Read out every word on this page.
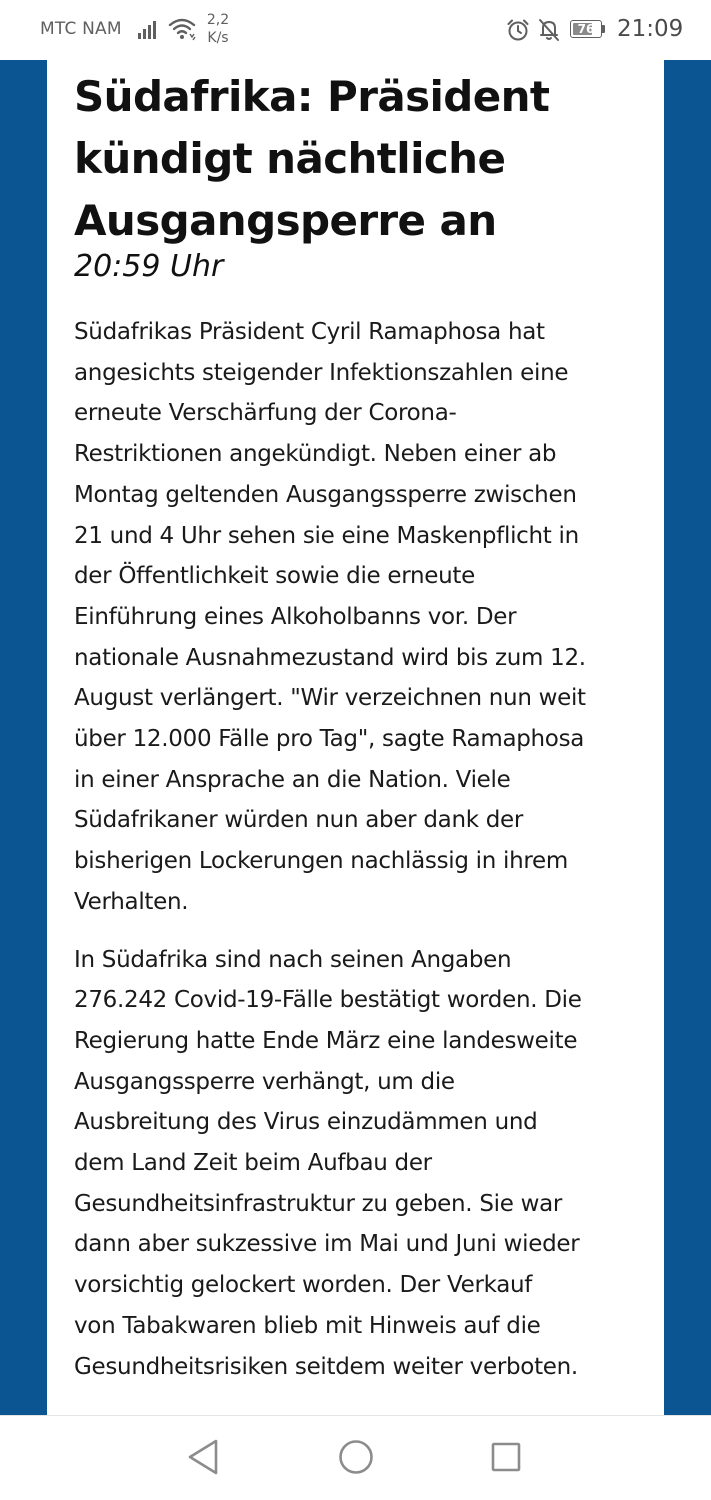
MTC NAM	2,2
K/s
76 21:09
Südafrika: Präsident
kündigt nächtliche
Ausgangsperre an
20:59 Uhr
Südafrikas Präsident Cyril Ramaphosa hat
angesichts steigender Infektionszahlen eine
erneute Verschärfung der Corona-
Restriktionen angekündigt. Neben einer ab
Montag geltenden Ausgangssperre zwischen
21 und 4 Uhr sehen sie eine Maskenpflicht in
der Öffentlichkeit sowie die erneute
Einführung eines Alkoholbanns vor. Der
nationale Ausnahmezustand wird bis zum 12.
August verlängert. "Wir verzeichnen nun weit
über 12.000 Fälle pro Tag", sagte Ramaphosa
in einer Ansprache an die Nation. Viele
Südafrikaner würden nun aber dank der
bisherigen Lockerungen nachlässig in ihrem
Verhalten.
In Südafrika sind nach seinen Angaben
276.242 Covid-19-Fälle bestätigt worden. Die
Regierung hatte Ende März eine landesweite
Ausgangssperre verhängt, um die
Ausbreitung des Virus einzudämmen und
dem Land Zeit beim Aufbau der
Gesundheitsinfrastruktur zu geben. Sie war
dann aber sukzessive im Mai und Juni wieder
vorsichtig gelockert worden. Der Verkauf
von Tabakwaren blieb mit Hinweis auf die
Gesundheitsrisiken seitdem weiter verboten.
